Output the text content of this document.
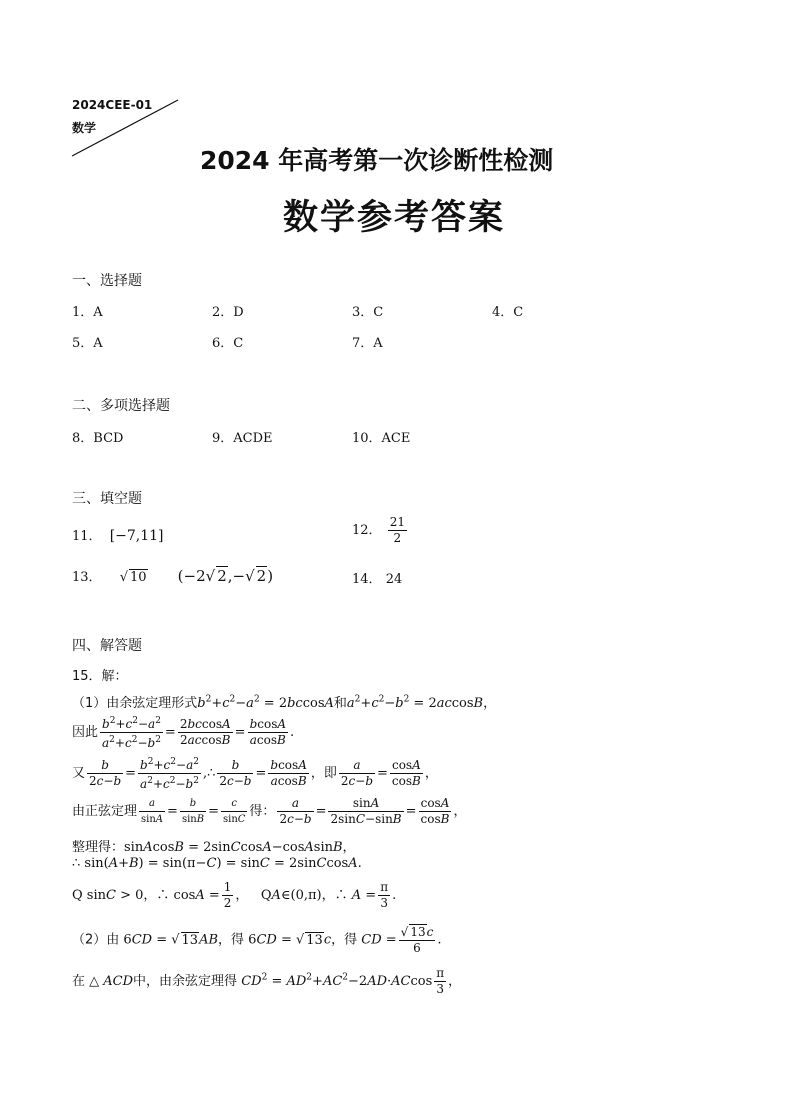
2024CEE-01
数学
2024 年高考第一次诊断性检测
数学参考答案
一、选择题
1．A	2．D	3．C	4．C
5．A	6．C	7．A
二、多项选择题
8．BCD	9．ACDE	10．ACE
三、填空题
11． [−7,11]	12． $\frac{21}{2}$
13． √ 10 (−2√ 2,−√ 2)	14． 24
四、解答题
15．解：
（1）由余弦定理形式$b^2+c^2-a^2 = 2bccosA$和$a^2+c^2-b^2 = 2accosB$，
因此 $\frac{b^2+c^2-a^2}{a^2+c^2-b^2} = \frac{2bccosA}{2accosB} = \frac{bcosA}{acosB}$ .
又 $\frac{b}{2c-b} = \frac{b^2+c^2-a^2}{a^2+c^2-b^2}$ ,∴ $\frac{b}{2c-b} = \frac{bcosA}{acosB}$ ，即 $\frac{a}{2c-b} = \frac{\cos A}{\cos B}$ ，
由正弦定理 $\frac{a}{\sin A} = \frac{b}{\sin B} = \frac{c}{\sin C}$ 得： $\frac{a}{2c-b} = \frac{\sin A}{2\sin C-\sin B} = \frac{\cos A}{\cos B}$ ，
整理得：sinAcosB = 2sinCcosA−cosAsinB，
∴ sin(A+B) = sin(π−C) = sinC = 2sinCcosA.
Q sinC > 0，∴ $\cos A = \frac{1}{2}$ ， QA∈(0,π)，∴ $A = \frac{\pi}{3}$ .
（2）由 6CD = √ 13AB，得 6CD = √ 13c，得 CD = $\frac{√ 13c}{6}$ .
在 △ ACD中，由余弦定理得 $CD^2 = AD^2+AC^2-2AD\cdot ACcos \frac{\pi}{3}$ ，
